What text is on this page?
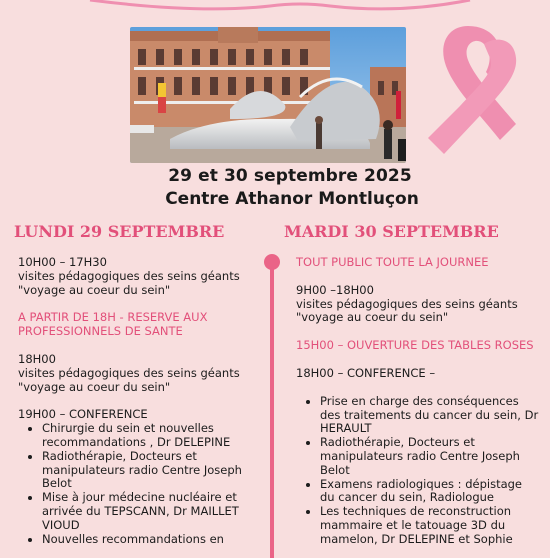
29 et 30 septembre 2025
Centre Athanor Montluçon
LUNDI 29 SEPTEMBRE	MARDI 30 SEPTEMBRE

10H00 – 17H30

visites pédagogiques des seins géants "voyage au coeur du sein"

A PARTIR DE 18H - RESERVE AUX PROFESSIONNELS DE SANTE

18H00

visites pédagogiques des seins géants "voyage au coeur du sein"

19H00 – CONFERENCE

• Chirurgie du sein et nouvelles recommandations , Dr DELEPINE
• Radiothérapie, Docteurs et manipulateurs radio Centre Joseph Belot
• Mise à jour médecine nucléaire et arrivée du TEPSCANN, Dr MAILLET VIOUD
• Nouvelles recommandations en

TOUT PUBLIC TOUTE LA JOURNEE

9H00 –18H00

visites pédagogiques des seins géants "voyage au coeur du sein"

15H00 – OUVERTURE DES TABLES ROSES

18H00 – CONFERENCE –

• Prise en charge des conséquences des traitements du cancer du sein, Dr HERAULT
• Radiothérapie, Docteurs et manipulateurs radio Centre Joseph Belot
• Examens radiologiques : dépistage du cancer du sein, Radiologue
• Les techniques de reconstruction mammaire et le tatouage 3D du mamelon, Dr DELEPINE et Sophie
